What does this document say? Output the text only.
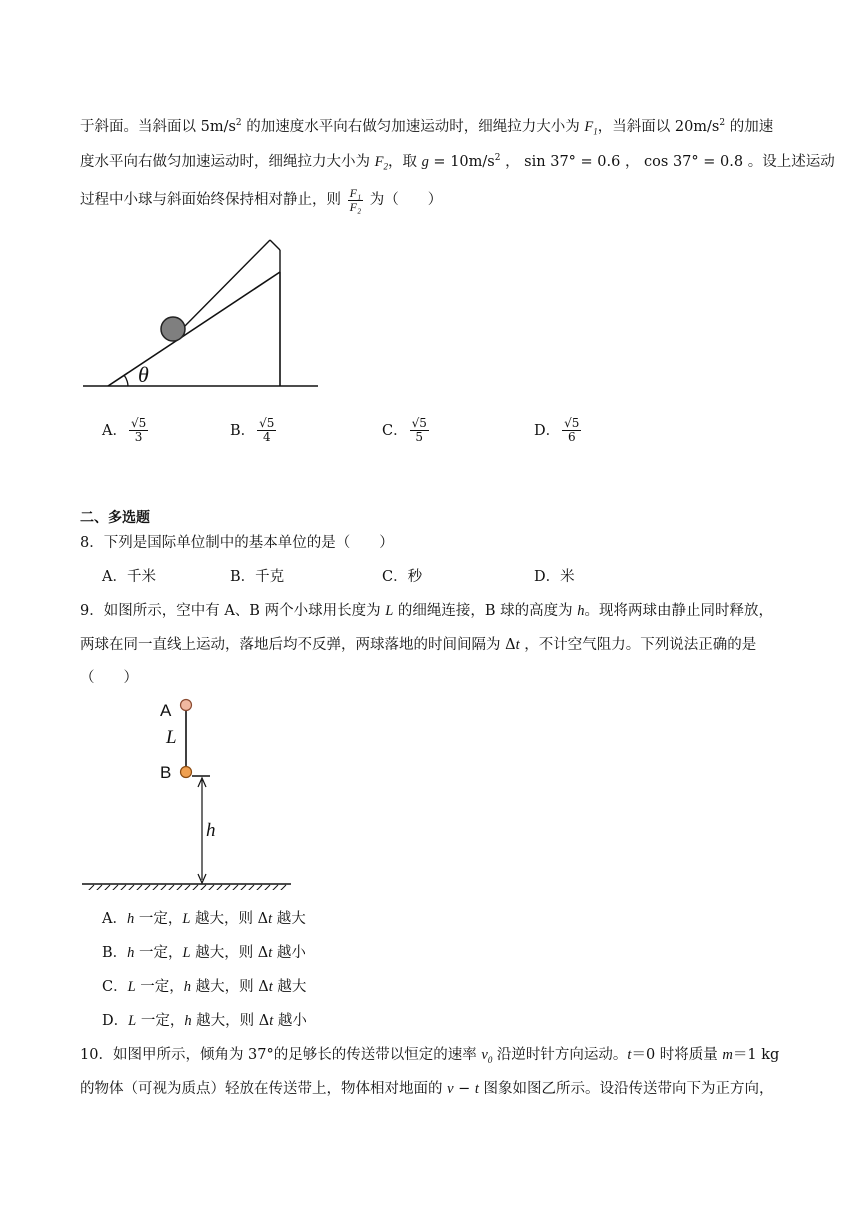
于斜面。当斜面以 $5m/s^2$ 的加速度水平向右做匀加速运动时，细绳拉力大小为 $F_1$，当斜面以 $20m/s^2$ 的加速
度水平向右做匀加速运动时，细绳拉力大小为 $F_2$，取 $g = 10m/s^2$ ， sin 37° = 0.6 ， cos 37° = 0.8 。设上述运动
过程中小球与斜面始终保持相对静止，则 $\frac{\text{F₁}}{\text{F₂}}$ 为（　　）
θ
A． $\frac{√5}{3}$	B． $\frac{√5}{4}$	C． $\frac{√5}{5}$	D． $\frac{√5}{6}$
二、多选题
8．下列是国际单位制中的基本单位的是（　　）
A．千米	B．千克	C．秒	D．米
9．如图所示，空中有 A、B 两个小球用长度为 L 的细绳连接，B 球的高度为 h。现将两球由静止同时释放，
两球在同一直线上运动，落地后均不反弹，两球落地的时间间隔为 Δt ，不计空气阻力。下列说法正确的是
（　　）
A
L
B
h
A．h 一定，L 越大，则 Δt 越大
B．h 一定，L 越大，则 Δt 越小
C．L 一定，h 越大，则 Δt 越大
D．L 一定，h 越大，则 Δt 越小
10．如图甲所示，倾角为 37°的足够长的传送带以恒定的速率 $v_0$ 沿逆时针方向运动。t＝0 时将质量 m＝1 kg
的物体（可视为质点）轻放在传送带上，物体相对地面的 v − t 图象如图乙所示。设沿传送带向下为正方向，
